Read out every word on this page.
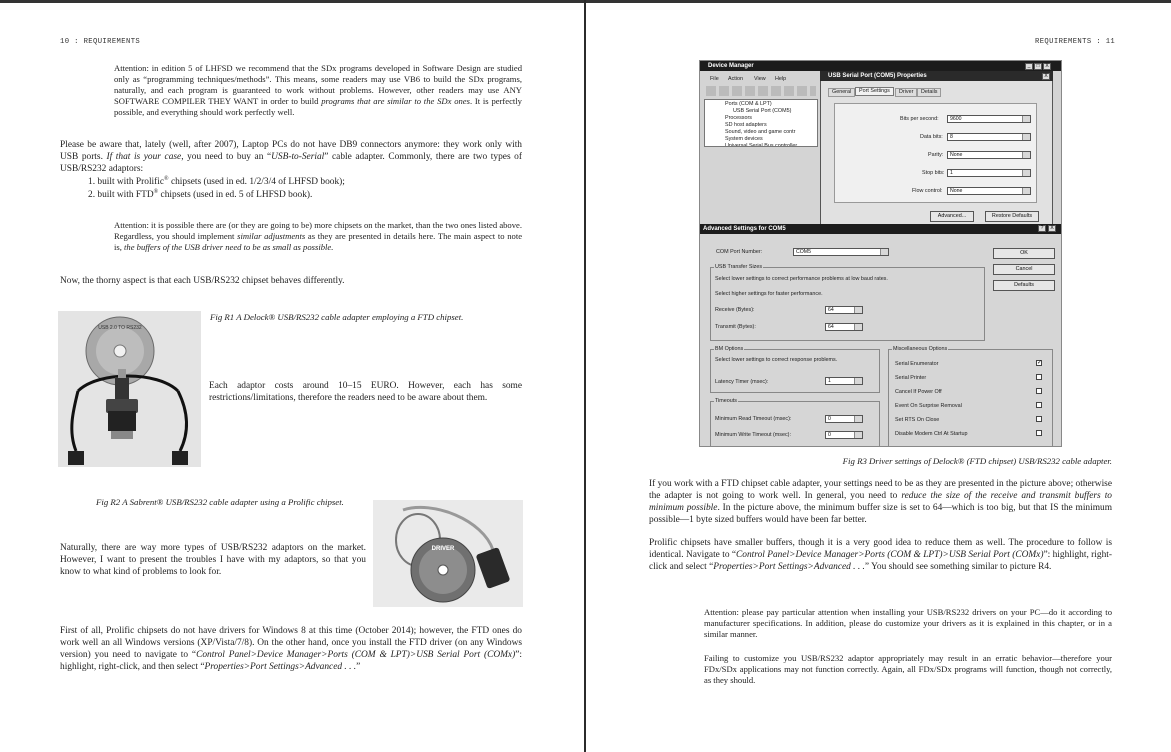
10 : REQUIREMENTS
Attention: in edition 5 of LHFSD we recommend that the SDx programs developed in Software Design are studied only as “programming techniques/methods”. This means, some readers may use VB6 to build the SDx programs, naturally, and each program is guaranteed to work without problems. However, other readers may use ANY SOFTWARE COMPILER THEY WANT in order to build programs that are similar to the SDx ones. It is perfectly possible, and everything should work perfectly well.
Please be aware that, lately (well, after 2007), Laptop PCs do not have DB9 connectors anymore: they work only with USB ports. If that is your case, you need to buy an “USB-to-Serial” cable adapter. Commonly, there are two types of USB/RS232 adaptors:
1. built with Prolific® chipsets (used in ed. 1/2/3/4 of LHFSD book);
2. built with FTD® chipsets (used in ed. 5 of LHFSD book).
Attention: it is possible there are (or they are going to be) more chipsets on the market, than the two ones listed above. Regardless, you should implement similar adjustments as they are presented in details here. The main aspect to note is, the buffers of the USB driver need to be as small as possible.
Now, the thorny aspect is that each USB/RS232 chipset behaves differently.
USB 2.0 TO RS232
Fig R1 A Delock® USB/RS232 cable adapter employing a FTD chipset.
Each adaptor costs around 10–15 EURO. However, each has some restrictions/limitations, therefore the readers need to be aware about them.
Fig R2 A Sabrent® USB/RS232 cable adapter using a Prolific chipset.
DRIVER
Naturally, there are way more types of USB/RS232 adaptors on the market. However, I want to present the troubles I have with my adaptors, so that you know to what kind of problems to look for.
First of all, Prolific chipsets do not have drivers for Windows 8 at this time (October 2014); however, the FTD ones do work well an all Windows versions (XP/Vista/7/8). On the other hand, once you install the FTD driver (on any Windows version) you need to navigate to “Control Panel>Device Manager>Ports (COM & LPT)>USB Serial Port (COMx)”: highlight, right-click, and then select “Properties>Port Settings>Advanced . . .”
REQUIREMENTS : 11
Device Manager	_	□	X
File Action View Help
Ports (COM & LPT)
USB Serial Port (COM5)
Processors
SD host adapters
Sound, video and game contr
System devices
Universal Serial Bus controller
USB Serial Port (COM5) Properties	X
General	Port Settings	Driver	Details
Bits per second:	9600
Data bits:	8
Parity:	None
Stop bits:	1
Flow control:	None
Advanced...	Restore Defaults
Advanced Settings for COM5	?	X
COM Port Number:	COM5	OK
Cancel
Defaults
USB Transfer Sizes
Select lower settings to correct performance problems at low baud rates.
Select higher settings for faster performance.
Receive (Bytes):	64
Transmit (Bytes):	64
BM Options
Select lower settings to correct response problems.
Latency Timer (msec):	1
Timeouts
Minimum Read Timeout (msec):	0
Minimum Write Timeout (msec):	0
Miscellaneous Options
Serial Enumerator	✓
Serial Printer
Cancel If Power Off
Event On Surprise Removal
Set RTS On Close
Disable Modem Ctrl At Startup
Fig R3 Driver settings of Delock® (FTD chipset) USB/RS232 cable adapter.
If you work with a FTD chipset cable adapter, your settings need to be as they are presented in the picture above; otherwise the adapter is not going to work well. In general, you need to reduce the size of the receive and transmit buffers to minimum possible. In the picture above, the minimum buffer size is set to 64—which is too big, but that IS the minimum possible—1 byte sized buffers would have been far better.
Prolific chipsets have smaller buffers, though it is a very good idea to reduce them as well. The procedure to follow is identical. Navigate to “Control Panel>Device Manager>Ports (COM & LPT)>USB Serial Port (COMx)”: highlight, right-click and select “Properties>Port Settings>Advanced . . .” You should see something similar to picture R4.
Attention: please pay particular attention when installing your USB/RS232 drivers on your PC—do it according to manufacturer specifications. In addition, please do customize your drivers as it is explained in this chapter, or in a similar manner.
Failing to customize you USB/RS232 adaptor appropriately may result in an erratic behavior—therefore your FDx/SDx applications may not function correctly. Again, all FDx/SDx programs will function, though not correctly, as they should.
